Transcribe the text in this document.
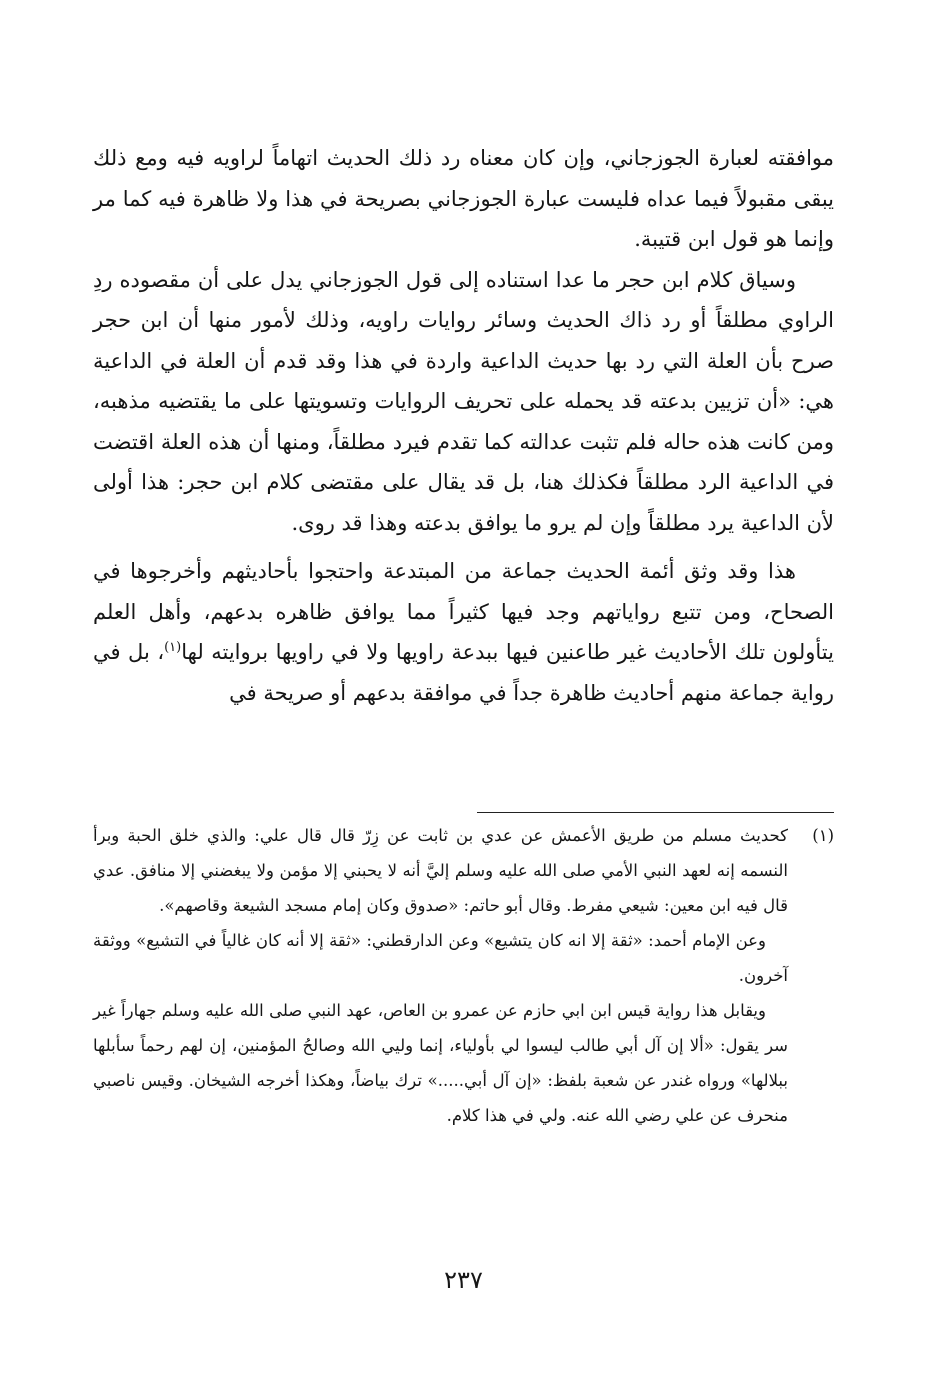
موافقته لعبارة الجوزجاني، وإن كان معناه رد ذلك الحديث اتهاماً لراويه فيه ومع ذلك يبقى مقبولاً فيما عداه فليست عبارة الجوزجاني بصريحة في هذا ولا ظاهرة فيه كما مر وإنما هو قول ابن قتيبة.

وسياق كلام ابن حجر ما عدا استناده إلى قول الجوزجاني يدل على أن مقصوده ردِ الراوي مطلقاً أو رد ذاك الحديث وسائر روايات راويه، وذلك لأمور منها أن ابن حجر صرح بأن العلة التي رد بها حديث الداعية واردة في هذا وقد قدم أن العلة في الداعية هي: «أن تزيين بدعته قد يحمله على تحريف الروايات وتسويتها على ما يقتضيه مذهبه، ومن كانت هذه حاله فلم تثبت عدالته كما تقدم فيرد مطلقاً، ومنها أن هذه العلة اقتضت في الداعية الرد مطلقاً فكذلك هنا، بل قد يقال على مقتضى كلام ابن حجر: هذا أولى لأن الداعية يرد مطلقاً وإن لم يرو ما يوافق بدعته وهذا قد روى.

هذا وقد وثق أئمة الحديث جماعة من المبتدعة واحتجوا بأحاديثهم وأخرجوها في الصحاح، ومن تتبع رواياتهم وجد فيها كثيراً مما يوافق ظاهره بدعهم، وأهل العلم يتأولون تلك الأحاديث غير طاعنين فيها ببدعة راويها ولا في راويها بروايته لها$^{(١)}$، بل في رواية جماعة منهم أحاديث ظاهرة جداً في موافقة بدعهم أو صريحة في

(١)كحديث مسلم من طريق الأعمش عن عدي بن ثابت عن زِرّ قال قال علي: والذي خلق الحبة وبرأ النسمه إنه لعهد النبي الأمي صلى الله عليه وسلم إليَّ أنه لا يحبني إلا مؤمن ولا يبغضني إلا منافق. عدي قال فيه ابن معين: شيعي مفرط. وقال أبو حاتم: «صدوق وكان إمام مسجد الشيعة وقاصهم».

وعن الإمام أحمد: «ثقة إلا انه كان يتشيع» وعن الدارقطني: «ثقة إلا أنه كان غالياً في التشيع» ووثقة آخرون.

ويقابل هذا رواية قيس ابن ابي حازم عن عمرو بن العاص، عهد النبي صلى الله عليه وسلم جهاراً غير سر يقول: «ألا إن آل أبي طالب ليسوا لي بأولياء، إنما وليي الله وصالحُ المؤمنين، إن لهم رحماً سأبلها ببلالها» ورواه غندر عن شعبة بلفظ: «إن آل أبي.....» ترك بياضاً، وهكذا أخرجه الشيخان. وقيس ناصبي منحرف عن علي رضي الله عنه. ولي في هذا كلام.

٢٣٧
